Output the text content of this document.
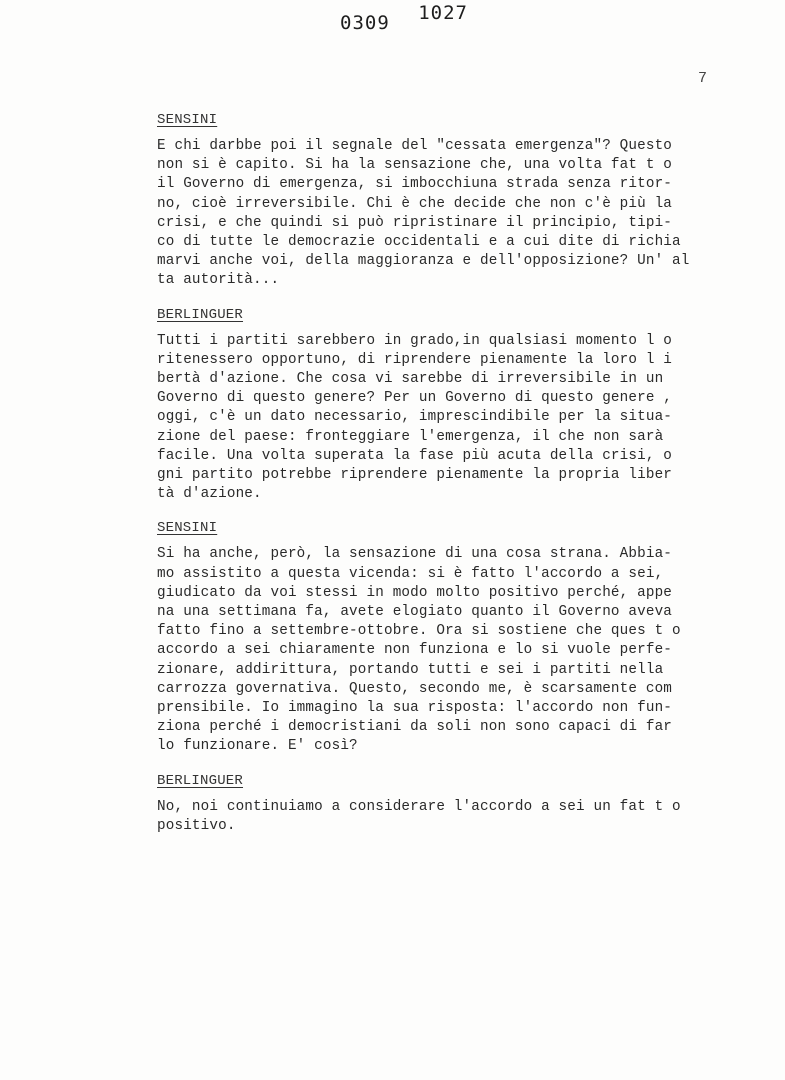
0309 1027
7

SENSINI

E chi darbbe poi il segnale del "cessata emergenza"? Questo
non si è capito. Si ha la sensazione che, una volta fat t o
il Governo di emergenza, si imbocchiuna strada senza ritor-
no, cioè irreversibile. Chi è che decide che non c'è più la
crisi, e che quindi si può ripristinare il principio, tipi-
co di tutte le democrazie occidentali e a cui dite di richia
marvi anche voi, della maggioranza e dell'opposizione? Un' al
ta autorità...

BERLINGUER

Tutti i partiti sarebbero in grado,in qualsiasi momento l o
ritenessero opportuno, di riprendere pienamente la loro l i
bertà d'azione. Che cosa vi sarebbe di irreversibile in un
Governo di questo genere? Per un Governo di questo genere ,
oggi, c'è un dato necessario, imprescindibile per la situa-
zione del paese: fronteggiare l'emergenza, il che non sarà
facile. Una volta superata la fase più acuta della crisi, o
gni partito potrebbe riprendere pienamente la propria liber
tà d'azione.

SENSINI

Si ha anche, però, la sensazione di una cosa strana. Abbia-
mo assistito a questa vicenda: si è fatto l'accordo a sei,
giudicato da voi stessi in modo molto positivo perché, appe
na una settimana fa, avete elogiato quanto il Governo aveva
fatto fino a settembre-ottobre. Ora si sostiene che ques t o
accordo a sei chiaramente non funziona e lo si vuole perfe-
zionare, addirittura, portando tutti e sei i partiti nella
carrozza governativa. Questo, secondo me, è scarsamente com
prensibile. Io immagino la sua risposta: l'accordo non fun-
ziona perché i democristiani da soli non sono capaci di far
lo funzionare. E' così?

BERLINGUER

No, noi continuiamo a considerare l'accordo a sei un fat t o
positivo.
